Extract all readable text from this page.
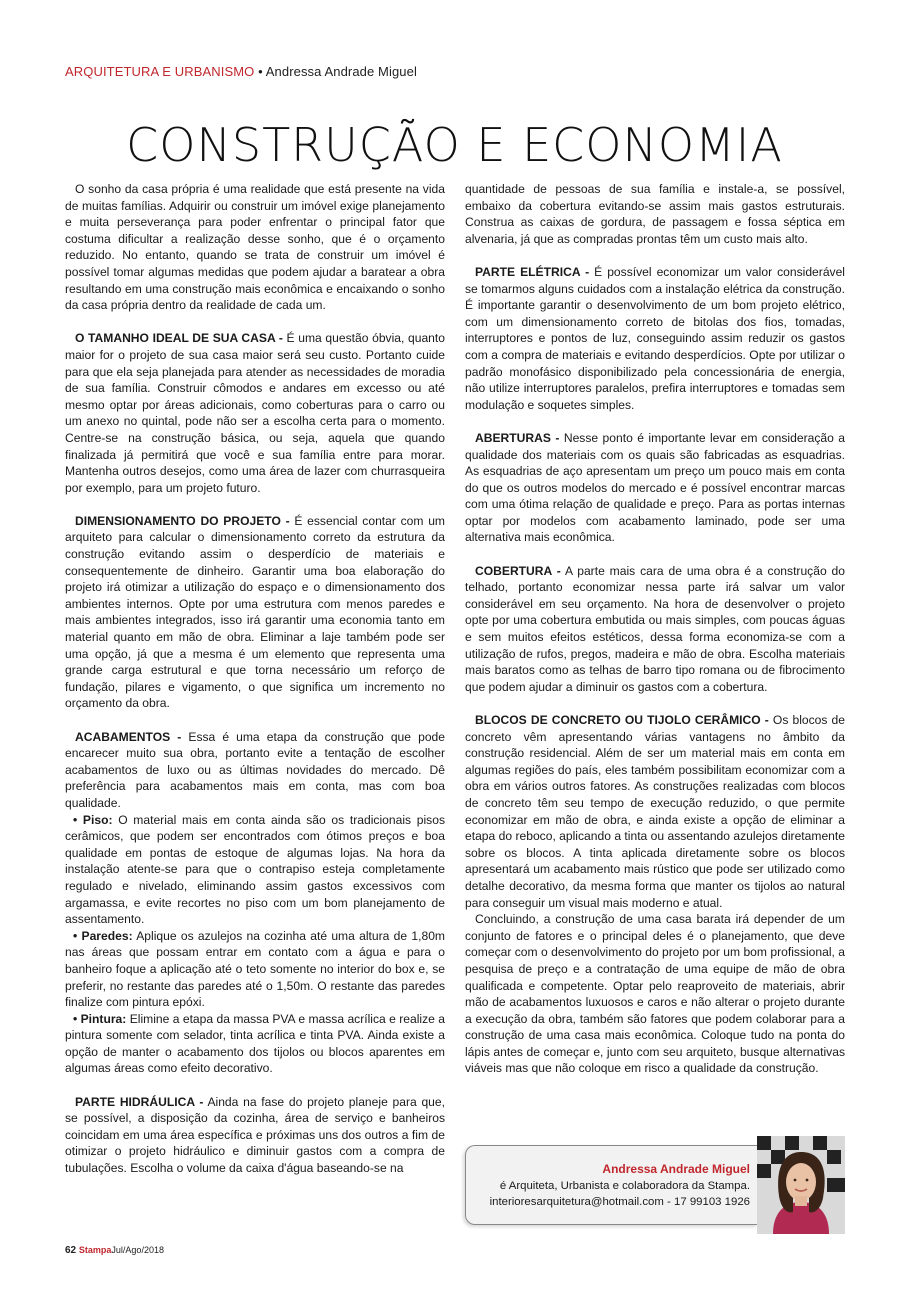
ARQUITETURA E URBANISMO • Andressa Andrade Miguel
CONSTRUÇÃO E ECONOMIA

O sonho da casa própria é uma realidade que está presente na vida de muitas famílias. Adquirir ou construir um imóvel exige planejamento e muita perseverança para poder enfrentar o principal fator que costuma dificultar a realização desse sonho, que é o orçamento reduzido. No entanto, quando se trata de construir um imóvel é possível tomar algumas medidas que podem ajudar a baratear a obra resultando em uma construção mais econômica e encaixando o sonho da casa própria dentro da realidade de cada um.

O TAMANHO IDEAL DE SUA CASA - É uma questão óbvia, quanto maior for o projeto de sua casa maior será seu custo. Portanto cuide para que ela seja planejada para atender as necessidades de moradia de sua família. Construir cômodos e andares em excesso ou até mesmo optar por áreas adicionais, como coberturas para o carro ou um anexo no quintal, pode não ser a escolha certa para o momento. Centre-se na construção básica, ou seja, aquela que quando finalizada já permitirá que você e sua família entre para morar. Mantenha outros desejos, como uma área de lazer com churrasqueira por exemplo, para um projeto futuro.

DIMENSIONAMENTO DO PROJETO - É essencial contar com um arquiteto para calcular o dimensionamento correto da estrutura da construção evitando assim o desperdício de materiais e consequentemente de dinheiro. Garantir uma boa elaboração do projeto irá otimizar a utilização do espaço e o dimensionamento dos ambientes internos. Opte por uma estrutura com menos paredes e mais ambientes integrados, isso irá garantir uma economia tanto em material quanto em mão de obra. Eliminar a laje também pode ser uma opção, já que a mesma é um elemento que representa uma grande carga estrutural e que torna necessário um reforço de fundação, pilares e vigamento, o que significa um incremento no orçamento da obra.

ACABAMENTOS - Essa é uma etapa da construção que pode encarecer muito sua obra, portanto evite a tentação de escolher acabamentos de luxo ou as últimas novidades do mercado. Dê preferência para acabamentos mais em conta, mas com boa qualidade.

• Piso: O material mais em conta ainda são os tradicionais pisos cerâmicos, que podem ser encontrados com ótimos preços e boa qualidade em pontas de estoque de algumas lojas. Na hora da instalação atente-se para que o contrapiso esteja completamente regulado e nivelado, eliminando assim gastos excessivos com argamassa, e evite recortes no piso com um bom planejamento de assentamento.

• Paredes: Aplique os azulejos na cozinha até uma altura de 1,80m nas áreas que possam entrar em contato com a água e para o banheiro foque a aplicação até o teto somente no interior do box e, se preferir, no restante das paredes até o 1,50m. O restante das paredes finalize com pintura epóxi.

• Pintura: Elimine a etapa da massa PVA e massa acrílica e realize a pintura somente com selador, tinta acrílica e tinta PVA. Ainda existe a opção de manter o acabamento dos tijolos ou blocos aparentes em algumas áreas como efeito decorativo.

PARTE HIDRÁULICA - Ainda na fase do projeto planeje para que, se possível, a disposição da cozinha, área de serviço e banheiros coincidam em uma área específica e próximas uns dos outros a fim de otimizar o projeto hidráulico e diminuir gastos com a compra de tubulações. Escolha o volume da caixa d'água baseando-se na

quantidade de pessoas de sua família e instale-a, se possível, embaixo da cobertura evitando-se assim mais gastos estruturais. Construa as caixas de gordura, de passagem e fossa séptica em alvenaria, já que as compradas prontas têm um custo mais alto.

PARTE ELÉTRICA - É possível economizar um valor considerável se tomarmos alguns cuidados com a instalação elétrica da construção. É importante garantir o desenvolvimento de um bom projeto elétrico, com um dimensionamento correto de bitolas dos fios, tomadas, interruptores e pontos de luz, conseguindo assim reduzir os gastos com a compra de materiais e evitando desperdícios. Opte por utilizar o padrão monofásico disponibilizado pela concessionária de energia, não utilize interruptores paralelos, prefira interruptores e tomadas sem modulação e soquetes simples.

ABERTURAS - Nesse ponto é importante levar em consideração a qualidade dos materiais com os quais são fabricadas as esquadrias. As esquadrias de aço apresentam um preço um pouco mais em conta do que os outros modelos do mercado e é possível encontrar marcas com uma ótima relação de qualidade e preço. Para as portas internas optar por modelos com acabamento laminado, pode ser uma alternativa mais econômica.

COBERTURA - A parte mais cara de uma obra é a construção do telhado, portanto economizar nessa parte irá salvar um valor considerável em seu orçamento. Na hora de desenvolver o projeto opte por uma cobertura embutida ou mais simples, com poucas águas e sem muitos efeitos estéticos, dessa forma economiza-se com a utilização de rufos, pregos, madeira e mão de obra. Escolha materiais mais baratos como as telhas de barro tipo romana ou de fibrocimento que podem ajudar a diminuir os gastos com a cobertura.

BLOCOS DE CONCRETO OU TIJOLO CERÂMICO - Os blocos de concreto vêm apresentando várias vantagens no âmbito da construção residencial. Além de ser um material mais em conta em algumas regiões do país, eles também possibilitam economizar com a obra em vários outros fatores. As construções realizadas com blocos de concreto têm seu tempo de execução reduzido, o que permite economizar em mão de obra, e ainda existe a opção de eliminar a etapa do reboco, aplicando a tinta ou assentando azulejos diretamente sobre os blocos. A tinta aplicada diretamente sobre os blocos apresentará um acabamento mais rústico que pode ser utilizado como detalhe decorativo, da mesma forma que manter os tijolos ao natural para conseguir um visual mais moderno e atual.

Concluindo, a construção de uma casa barata irá depender de um conjunto de fatores e o principal deles é o planejamento, que deve começar com o desenvolvimento do projeto por um bom profissional, a pesquisa de preço e a contratação de uma equipe de mão de obra qualificada e competente. Optar pelo reaproveito de materiais, abrir mão de acabamentos luxuosos e caros e não alterar o projeto durante a execução da obra, também são fatores que podem colaborar para a construção de uma casa mais econômica. Coloque tudo na ponta do lápis antes de começar e, junto com seu arquiteto, busque alternativas viáveis mas que não coloque em risco a qualidade da construção.

Andressa Andrade Miguel
é Arquiteta, Urbanista e colaboradora da Stampa.
interioresarquitetura@hotmail.com - 17 99103 1926
62 StampaJul/Ago/2018
